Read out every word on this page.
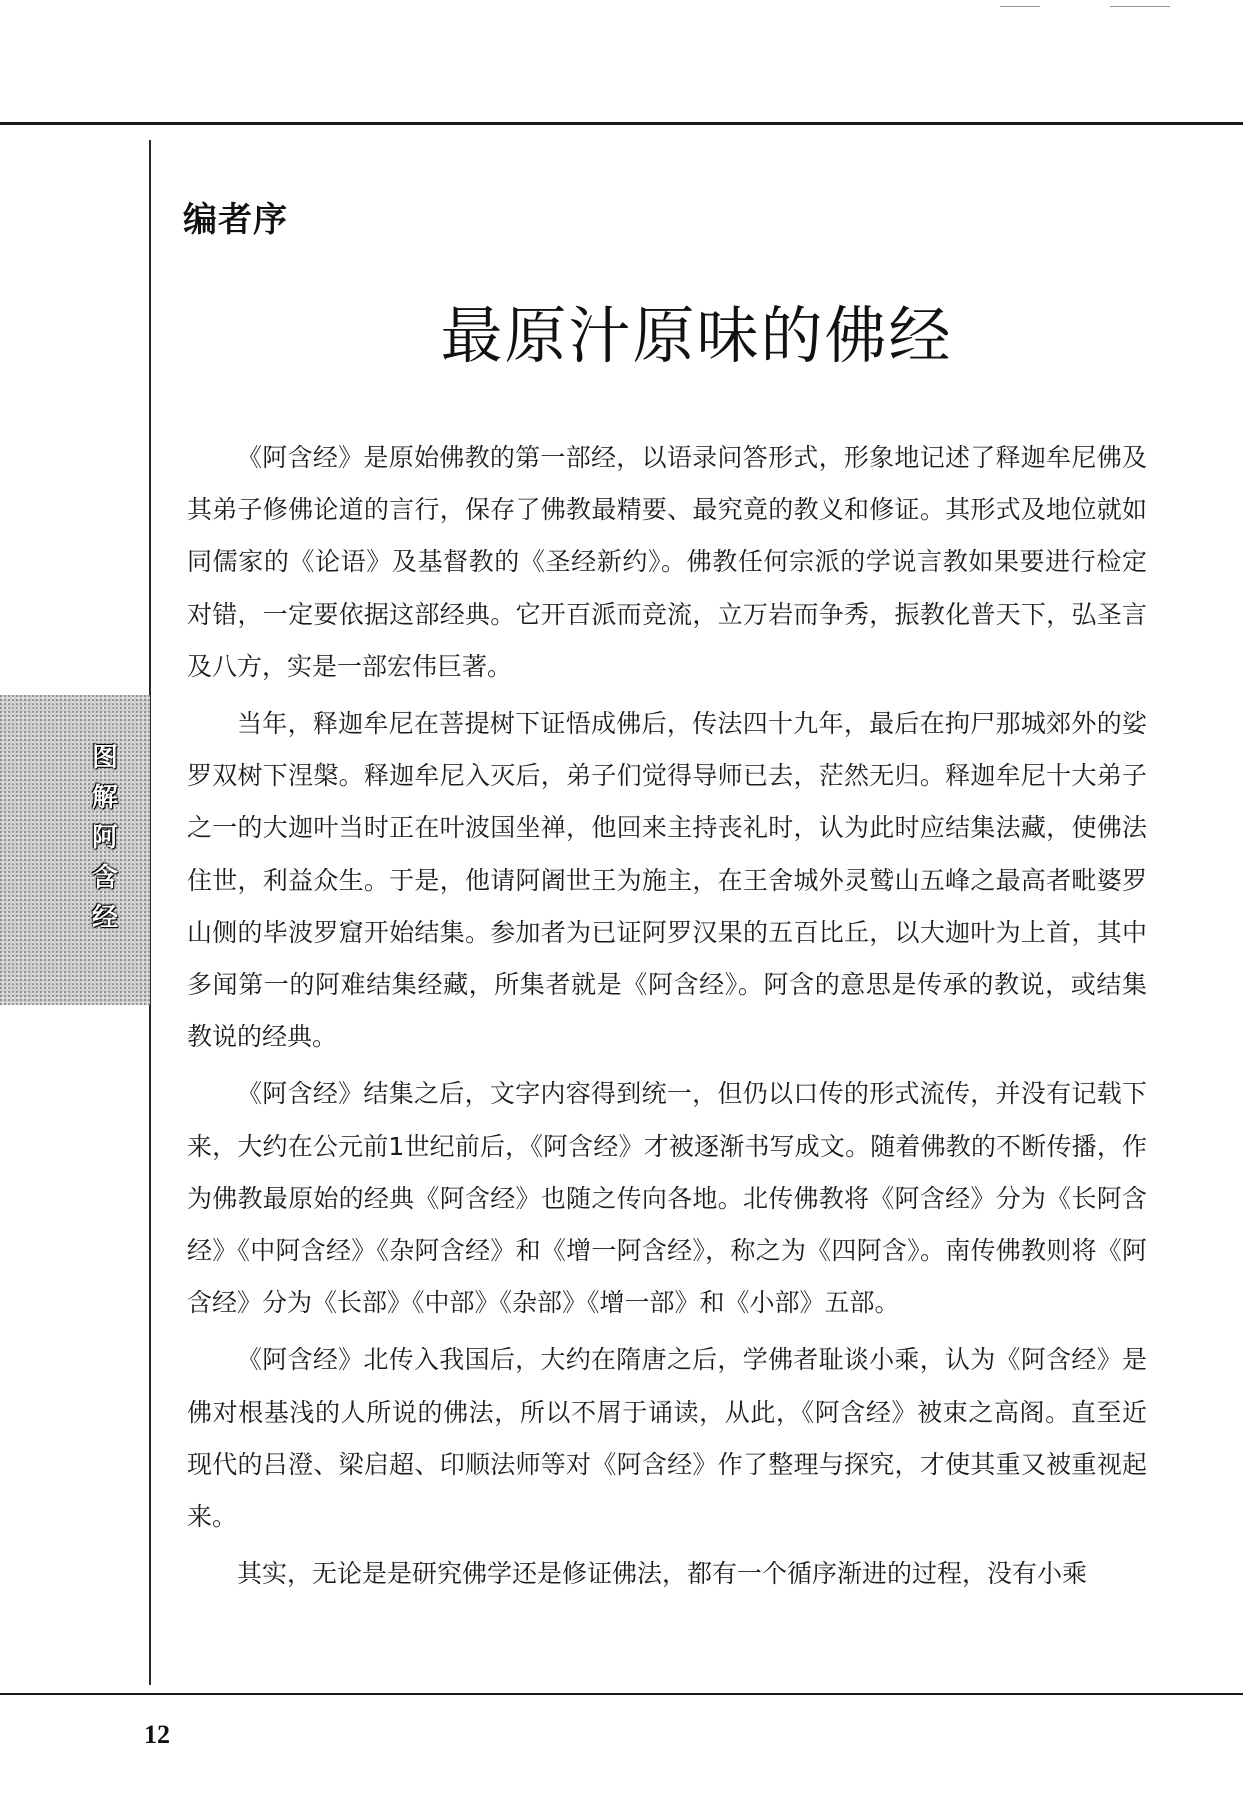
图
解
阿
含
经
编者序
最原汁原味的佛经

《阿含经》是原始佛教的第一部经，以语录问答形式，形象地记述了释迦牟尼佛及其弟子修佛论道的言行，保存了佛教最精要、最究竟的教义和修证。其形式及地位就如同儒家的《论语》及基督教的《圣经新约》。佛教任何宗派的学说言教如果要进行检定对错，一定要依据这部经典。它开百派而竞流，立万岩而争秀，振教化普天下，弘圣言及八方，实是一部宏伟巨著。

当年，释迦牟尼在菩提树下证悟成佛后，传法四十九年，最后在拘尸那城郊外的娑罗双树下涅槃。释迦牟尼入灭后，弟子们觉得导师已去，茫然无归。释迦牟尼十大弟子之一的大迦叶当时正在叶波国坐禅，他回来主持丧礼时，认为此时应结集法藏，使佛法住世，利益众生。于是，他请阿阇世王为施主，在王舍城外灵鹫山五峰之最高者毗婆罗山侧的毕波罗窟开始结集。参加者为已证阿罗汉果的五百比丘，以大迦叶为上首，其中多闻第一的阿难结集经藏，所集者就是《阿含经》。阿含的意思是传承的教说，或结集教说的经典。

《阿含经》结集之后，文字内容得到统一，但仍以口传的形式流传，并没有记载下来，大约在公元前1世纪前后，《阿含经》才被逐渐书写成文。随着佛教的不断传播，作为佛教最原始的经典《阿含经》也随之传向各地。北传佛教将《阿含经》分为《长阿含经》《中阿含经》《杂阿含经》和《增一阿含经》，称之为《四阿含》。南传佛教则将《阿含经》分为《长部》《中部》《杂部》《增一部》和《小部》五部。

《阿含经》北传入我国后，大约在隋唐之后，学佛者耻谈小乘，认为《阿含经》是佛对根基浅的人所说的佛法，所以不屑于诵读，从此，《阿含经》被束之高阁。直至近现代的吕澄、梁启超、印顺法师等对《阿含经》作了整理与探究，才使其重又被重视起来。

其实，无论是是研究佛学还是修证佛法，都有一个循序渐进的过程，没有小乘

12
